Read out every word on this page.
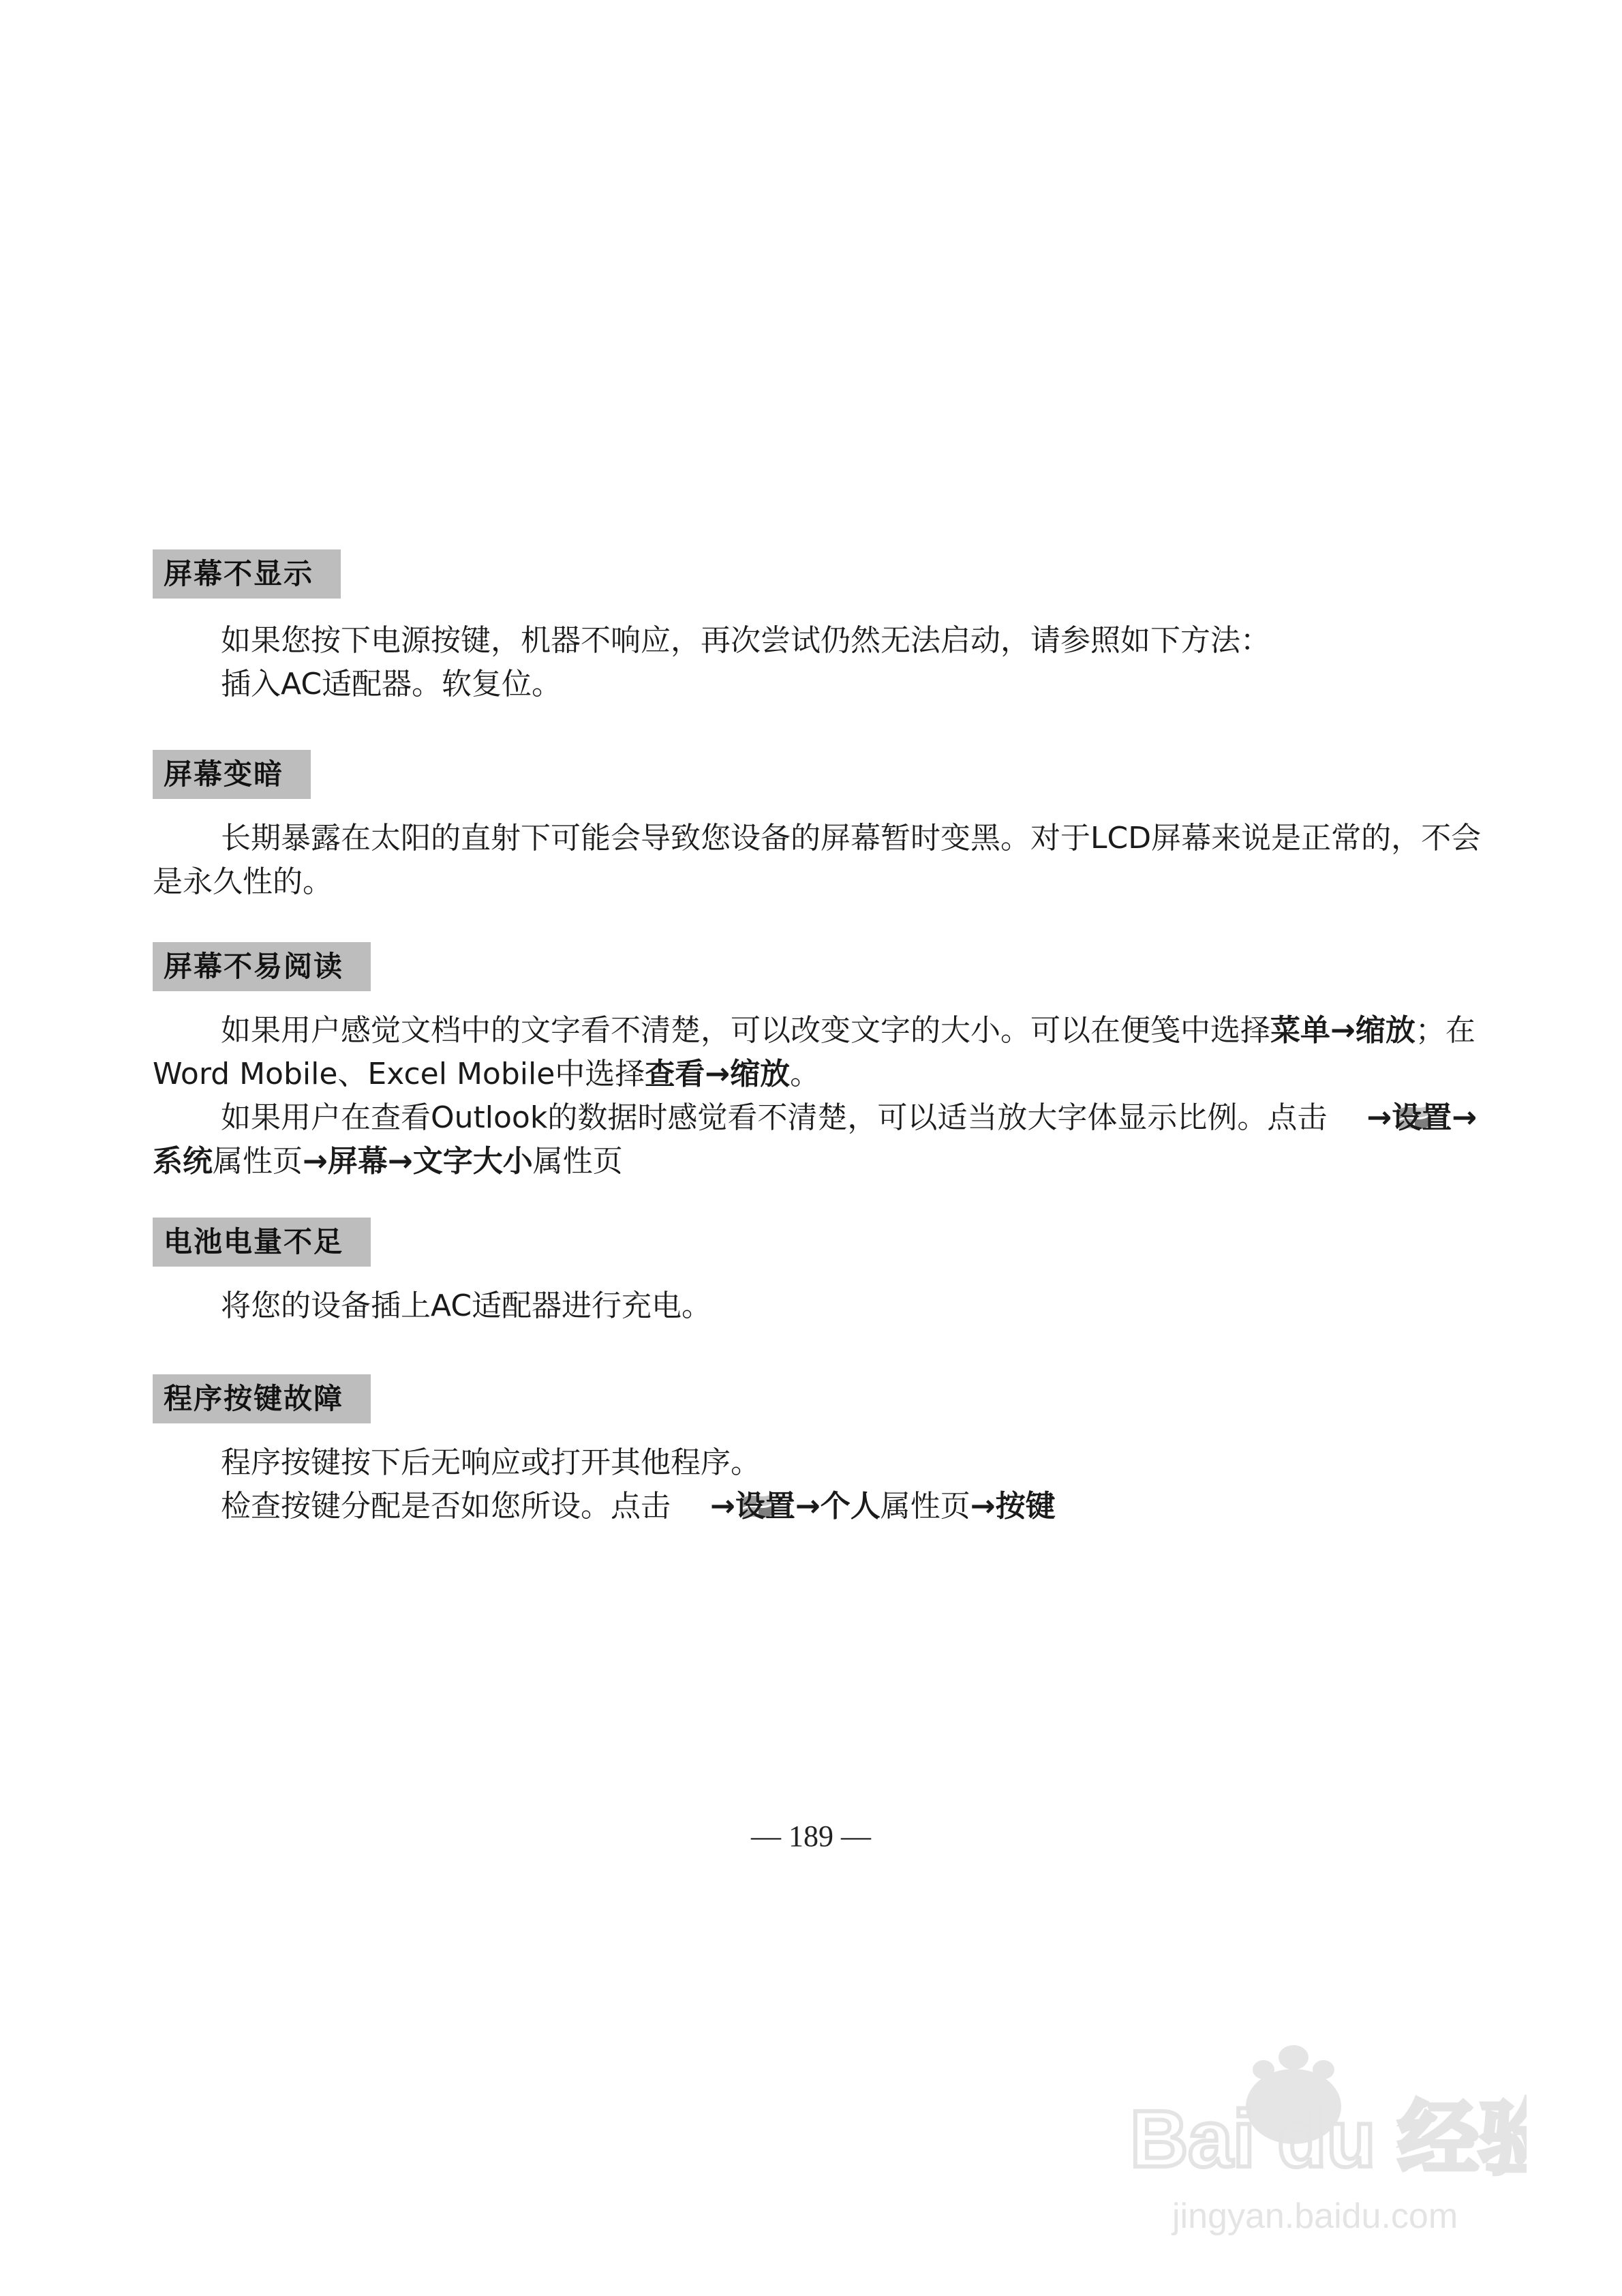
屏幕不显示

如果您按下电源按键，机器不响应，再次尝试仍然无法启动，请参照如下方法：

插入AC适配器。软复位。

屏幕变暗

长期暴露在太阳的直射下可能会导致您设备的屏幕暂时变黑。对于LCD屏幕来说是正常的，不会是永久性的。

屏幕不易阅读

如果用户感觉文档中的文字看不清楚，可以改变文字的大小。可以在便笺中选择菜单→缩放；在Word Mobile、Excel Mobile中选择查看→缩放。

如果用户在查看Outlook的数据时感觉看不清楚，可以适当放大字体显示比例。点击 →设置→系统属性页→屏幕→文字大小属性页

电池电量不足

将您的设备插上AC适配器进行充电。

程序按键故障

程序按键按下后无响应或打开其他程序。

检查按键分配是否如您所设。点击 →设置→个人属性页→按键

— 189 —
Bai du 经验
jingyan.baidu.com
